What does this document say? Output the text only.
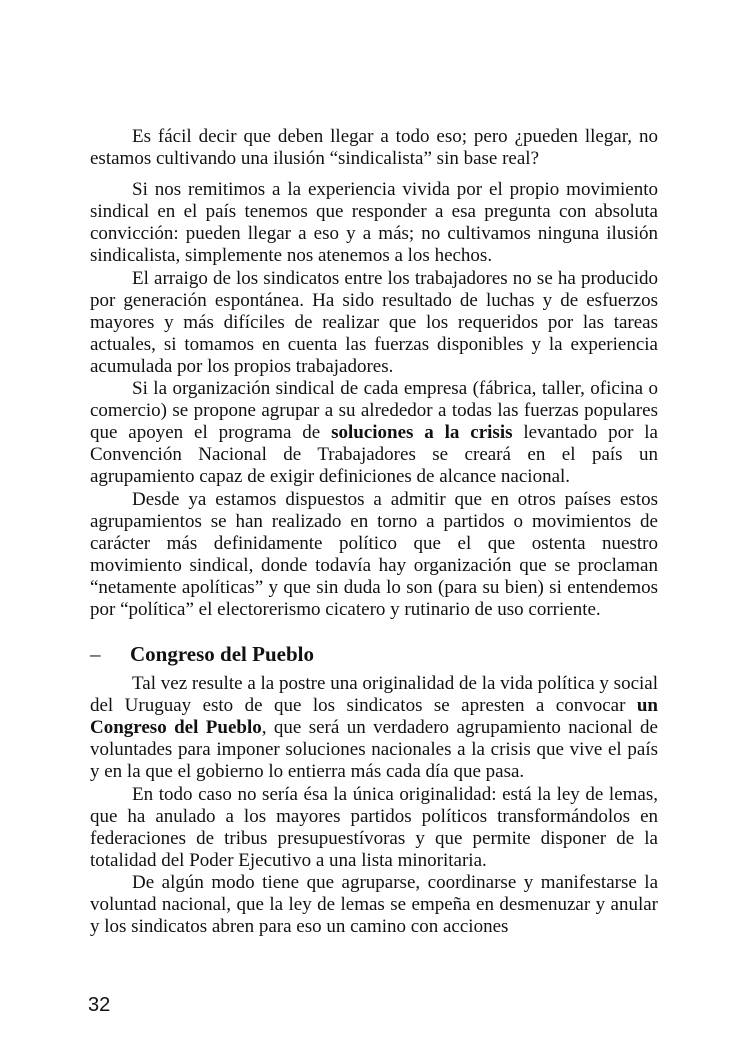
Es fácil decir que deben llegar a todo eso; pero ¿pueden llegar, no estamos cultivando una ilusión “sindicalista” sin base real?

Si nos remitimos a la experiencia vivida por el propio movimiento sindical en el país tenemos que responder a esa pregunta con absoluta convicción: pueden llegar a eso y a más; no cultivamos ninguna ilusión sindicalista, simplemente nos atenemos a los hechos.

El arraigo de los sindicatos entre los trabajadores no se ha producido por generación espontánea. Ha sido resultado de luchas y de esfuerzos mayores y más difíciles de realizar que los requeridos por las tareas actuales, si tomamos en cuenta las fuerzas disponibles y la experiencia acumulada por los propios trabajadores.

Si la organización sindical de cada empresa (fábrica, taller, oficina o comercio) se propone agrupar a su alrededor a todas las fuerzas populares que apoyen el programa de soluciones a la crisis levantado por la Convención Nacional de Trabajadores se creará en el país un agrupamiento capaz de exigir definiciones de alcance nacional.

Desde ya estamos dispuestos a admitir que en otros países estos agrupamientos se han realizado en torno a partidos o movimientos de carácter más definidamente político que el que ostenta nuestro movimiento sindical, donde todavía hay organización que se proclaman “netamente apolíticas” y que sin duda lo son (para su bien) si entendemos por “política” el electorerismo cicatero y rutinario de uso corriente.

– Congreso del Pueblo

Tal vez resulte a la postre una originalidad de la vida política y social del Uruguay esto de que los sindicatos se apresten a convocar un Congreso del Pueblo, que será un verdadero agrupamiento nacional de voluntades para imponer soluciones nacionales a la crisis que vive el país y en la que el gobierno lo entierra más cada día que pasa.

En todo caso no sería ésa la única originalidad: está la ley de lemas, que ha anulado a los mayores partidos políticos transformándolos en federaciones de tribus presupuestívoras y que permite disponer de la totalidad del Poder Ejecutivo a una lista minoritaria.

De algún modo tiene que agruparse, coordinarse y manifestarse la voluntad nacional, que la ley de lemas se empeña en desmenuzar y anular y los sindicatos abren para eso un camino con acciones

32
